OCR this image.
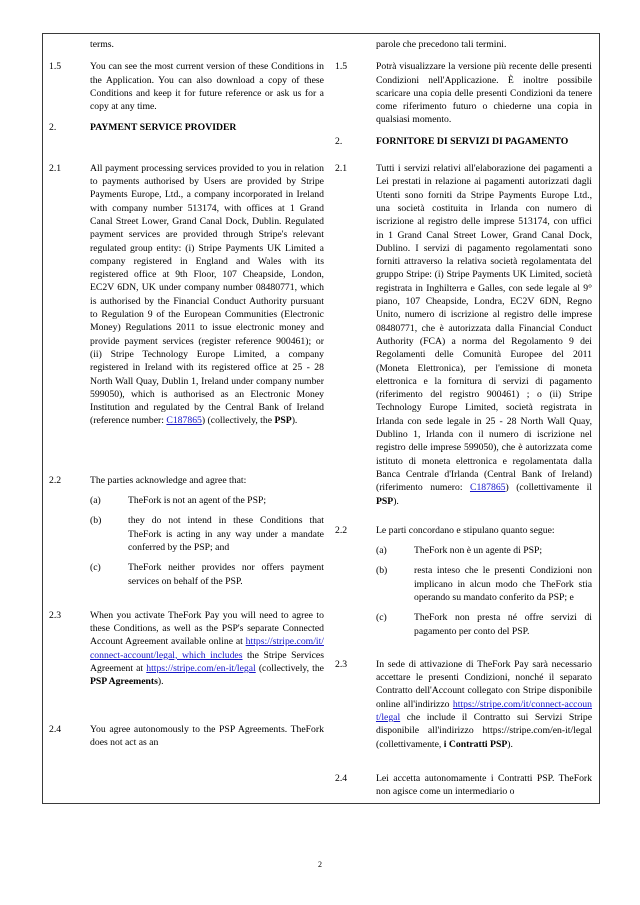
terms.
1.5	You can see the most current version of these Conditions in the Application. You can also download a copy of these Conditions and keep it for future reference or ask us for a copy at any time.
2.	PAYMENT SERVICE PROVIDER
2.1	All payment processing services provided to you in relation to payments authorised by Users are provided by Stripe Payments Europe, Ltd., a company incorporated in Ireland with company number 513174, with offices at 1 Grand Canal Street Lower, Grand Canal Dock, Dublin. Regulated payment services are provided through Stripe's relevant regulated group entity: (i) Stripe Payments UK Limited a company registered in England and Wales with its registered office at 9th Floor, 107 Cheapside, London, EC2V 6DN, UK under company number 08480771, which is authorised by the Financial Conduct Authority pursuant to Regulation 9 of the European Communities (Electronic Money) Regulations 2011 to issue electronic money and provide payment services (register reference 900461); or (ii) Stripe Technology Europe Limited, a company registered in Ireland with its registered office at 25 - 28 North Wall Quay, Dublin 1, Ireland under company number 599050), which is authorised as an Electronic Money Institution and regulated by the Central Bank of Ireland (reference number: C187865) (collectively, the PSP).
2.2	The parties acknowledge and agree that:
(a)	TheFork is not an agent of the PSP;
(b)	they do not intend in these Conditions that TheFork is acting in any way under a mandate conferred by the PSP; and
(c)	TheFork neither provides nor offers payment services on behalf of the PSP.
2.3	When you activate TheFork Pay you will need to agree to these Conditions, as well as the PSP's separate Connected Account Agreement available online at https://stripe.com/it/connect-account/legal, which includes the Stripe Services Agreement at https://stripe.com/en-it/legal (collectively, the PSP Agreements).
2.4	You agree autonomously to the PSP Agreements. TheFork does not act as an
parole che precedono tali termini.
1.5	Potrà visualizzare la versione più recente delle presenti Condizioni nell'Applicazione. È inoltre possibile scaricare una copia delle presenti Condizioni da tenere come riferimento futuro o chiederne una copia in qualsiasi momento.
2.	FORNITORE DI SERVIZI DI PAGAMENTO
2.1	Tutti i servizi relativi all'elaborazione dei pagamenti a Lei prestati in relazione ai pagamenti autorizzati dagli Utenti sono forniti da Stripe Payments Europe Ltd., una società costituita in Irlanda con numero di iscrizione al registro delle imprese 513174, con uffici in 1 Grand Canal Street Lower, Grand Canal Dock, Dublino. I servizi di pagamento regolamentati sono forniti attraverso la relativa società regolamentata del gruppo Stripe: (i) Stripe Payments UK Limited, società registrata in Inghilterra e Galles, con sede legale al 9° piano, 107 Cheapside, Londra, EC2V 6DN, Regno Unito, numero di iscrizione al registro delle imprese 08480771, che è autorizzata dalla Financial Conduct Authority (FCA) a norma del Regolamento 9 dei Regolamenti delle Comunità Europee del 2011 (Moneta Elettronica), per l'emissione di moneta elettronica e la fornitura di servizi di pagamento (riferimento del registro 900461) ; o (ii) Stripe Technology Europe Limited, società registrata in Irlanda con sede legale in 25 - 28 North Wall Quay, Dublino 1, Irlanda con il numero di iscrizione nel registro delle imprese 599050), che è autorizzata come istituto di moneta elettronica e regolamentata dalla Banca Centrale d'Irlanda (Central Bank of Ireland) (riferimento numero: C187865) (collettivamente il PSP).
2.2	Le parti concordano e stipulano quanto segue:
(a)	TheFork non è un agente di PSP;
(b)	resta inteso che le presenti Condizioni non implicano in alcun modo che TheFork stia operando su mandato conferito da PSP; e
(c)	TheFork non presta né offre servizi di pagamento per conto del PSP.
2.3	In sede di attivazione di TheFork Pay sarà necessario accettare le presenti Condizioni, nonché il separato Contratto dell'Account collegato con Stripe disponibile online all'indirizzo https://stripe.com/it/connect-account/legal che include il Contratto sui Servizi Stripe disponibile all'indirizzo https://stripe.com/en-it/legal (collettivamente, i Contratti PSP).
2.4	Lei accetta autonomamente i Contratti PSP. TheFork non agisce come un intermediario o
2
